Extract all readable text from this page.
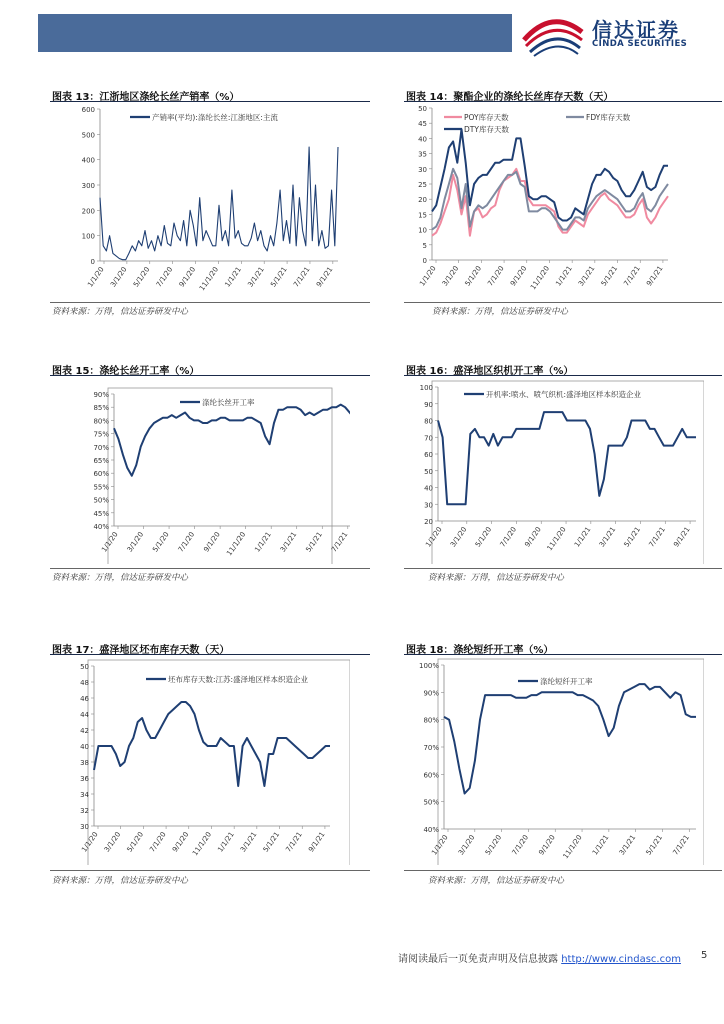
信达证券
CINDA SECURITIES
图表 13：江浙地区涤纶长丝产销率（%）	图表 14：聚酯企业的涤纶长丝库存天数（天）
图表 15：涤纶长丝开工率（%）	图表 16：盛泽地区织机开工率（%）
图表 17：盛泽地区坯布库存天数（天）	图表 18：涤纶短纤开工率（%）
0
100
200
300
400
500
600
1/1/20 3/1/20 5/1/20 7/1/20 9/1/20 11/1/20 1/1/21 3/1/21 5/1/21 7/1/21 9/1/21
产销率(平均):涤纶长丝:江浙地区:主流
0
5
10
15
20
25
30
35
40
45
50
1/1/20 3/1/20 5/1/20 7/1/20 9/1/20 11/1/20 1/1/21 3/1/21 5/1/21 7/1/21 9/1/21
POY库存天数	FDY库存天数
DTY库存天数
40%
45%
50%
55%
60%
65%
70%
75%
80%
85%
90%
1/1/20 3/1/20 5/1/20 7/1/20 9/1/20 11/1/20 1/1/21 3/1/21 5/1/21 7/1/21
涤纶长丝开工率
20
30
40
50
60
70
80
90
100
1/1/20 3/1/20 5/1/20 7/1/20 9/1/20 11/1/20 1/1/21 3/1/21 5/1/21 7/1/21 9/1/21
开机率:喷水、喷气织机:盛泽地区样本织造企业
30
32
34
36
38
40
42
44
46
48
50
1/1/20 3/1/20 5/1/20 7/1/20 9/1/20 11/1/20 1/1/21 3/1/21 5/1/21 7/1/21 9/1/21
坯布库存天数:江苏:盛泽地区样本织造企业
40%
50%
60%
70%
80%
90%
100%
1/1/20 3/1/20 5/1/20 7/1/20 9/1/20 11/1/20 1/1/21 3/1/21 5/1/21 7/1/21
涤纶短纤开工率
资料来源：万得，信达证券研发中心	资料来源：万得，信达证券研发中心
资料来源：万得，信达证券研发中心	资料来源：万得，信达证券研发中心
资料来源：万得，信达证券研发中心	资料来源：万得，信达证券研发中心
请阅读最后一页免责声明及信息披露 http://www.cindasc.com 5
